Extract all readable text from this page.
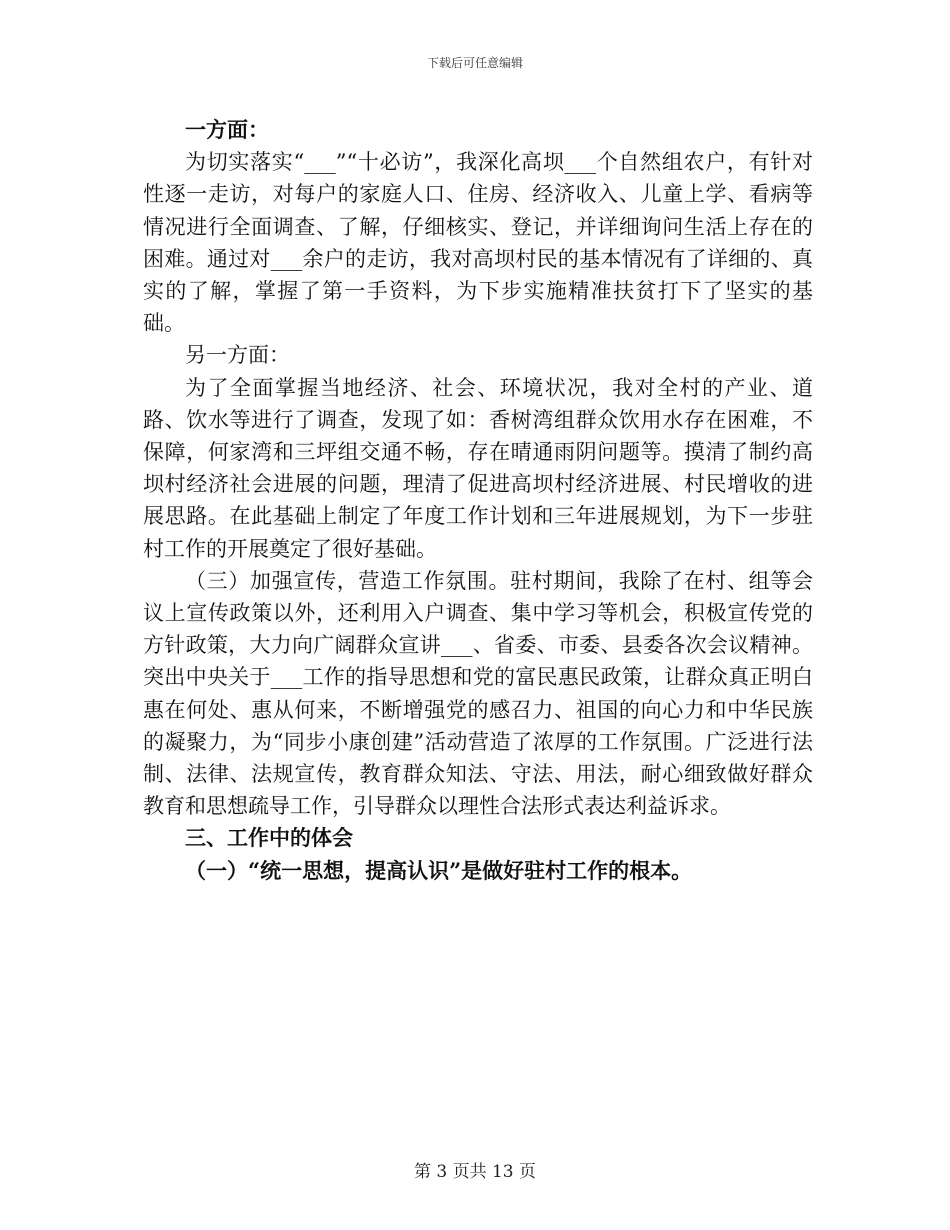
下载后可任意编辑

一方面：

为切实落实“___”“十必访”，我深化高坝___个自然组农户，有针对性逐一走访，对每户的家庭人口、住房、经济收入、儿童上学、看病等情况进行全面调查、了解，仔细核实、登记，并详细询问生活上存在的困难。通过对___余户的走访，我对高坝村民的基本情况有了详细的、真实的了解，掌握了第一手资料，为下步实施精准扶贫打下了坚实的基础。

另一方面：

为了全面掌握当地经济、社会、环境状况，我对全村的产业、道路、饮水等进行了调查，发现了如：香树湾组群众饮用水存在困难，不保障，何家湾和三坪组交通不畅，存在晴通雨阴问题等。摸清了制约高坝村经济社会进展的问题，理清了促进高坝村经济进展、村民增收的进展思路。在此基础上制定了年度工作计划和三年进展规划，为下一步驻村工作的开展奠定了很好基础。

（三）加强宣传，营造工作氛围。驻村期间，我除了在村、组等会议上宣传政策以外，还利用入户调查、集中学习等机会，积极宣传党的方针政策，大力向广阔群众宣讲___、省委、市委、县委各次会议精神。突出中央关于___工作的指导思想和党的富民惠民政策，让群众真正明白惠在何处、惠从何来，不断增强党的感召力、祖国的向心力和中华民族的凝聚力，为“同步小康创建”活动营造了浓厚的工作氛围。广泛进行法制、法律、法规宣传，教育群众知法、守法、用法，耐心细致做好群众教育和思想疏导工作，引导群众以理性合法形式表达利益诉求。

三、工作中的体会

（一）“统一思想，提高认识”是做好驻村工作的根本。

第 3 页共 13 页
